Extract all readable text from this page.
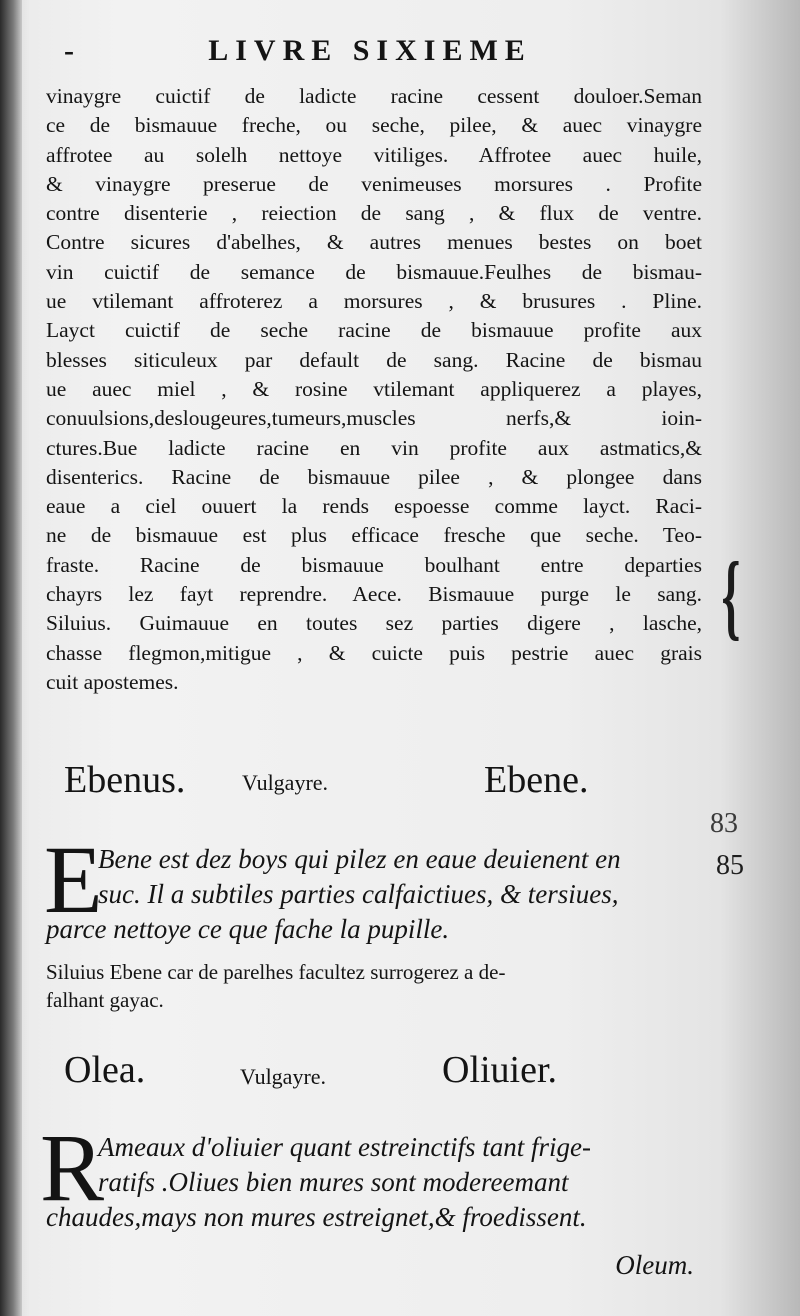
-	LIVRE SIXIEME
vinaygre cuictif de ladicte racine cessent douloer.Seman
ce de bismauue freche, ou seche, pilee, & auec vinaygre
affrotee au solelh nettoye vitiliges. Affrotee auec huile,
& vinaygre preserue de venimeuses morsures . Profite
contre disenterie , reiection de sang , & flux de ventre.
Contre sicures d'abelhes, & autres menues bestes on boet
vin cuictif de semance de bismauue.Feulhes de bismau-
ue vtilemant affroterez a morsures , & brusures . Pline.
Layct cuictif de seche racine de bismauue profite aux
blesses siticuleux par default de sang. Racine de bismau
ue auec miel , & rosine vtilemant appliquerez a playes,
conuulsions,deslougeures,tumeurs,muscles nerfs,& ioin-
ctures.Bue ladicte racine en vin profite aux astmatics,&
disenterics. Racine de bismauue pilee , & plongee dans
eaue a ciel ouuert la rends espoesse comme layct. Raci-
ne de bismauue est plus efficace fresche que seche. Teo-
fraste. Racine de bismauue boulhant entre departies
chayrs lez fayt reprendre. Aece. Bismauue purge le sang.
Siluius. Guimauue en toutes sez parties digere , lasche,
chasse flegmon,mitigue , & cuicte puis pestrie auec grais
cuit apostemes.
{
Ebenus.	Vulgayre.	Ebene.
83
85
E
Bene est dez boys qui pilez en eaue deuienent en
suc. Il a subtiles parties calfaictiues, & tersiues,
parce nettoye ce que fache la pupille.
Siluius Ebene car de parelhes facultez surrogerez a de-
falhant gayac.
Olea.	Vulgayre.	Oliuier.
R
Ameaux d'oliuier quant estreinctifs tant frige-
ratifs .Oliues bien mures sont modereemant
chaudes,mays non mures estreignet,& froedissent.
Oleum.
